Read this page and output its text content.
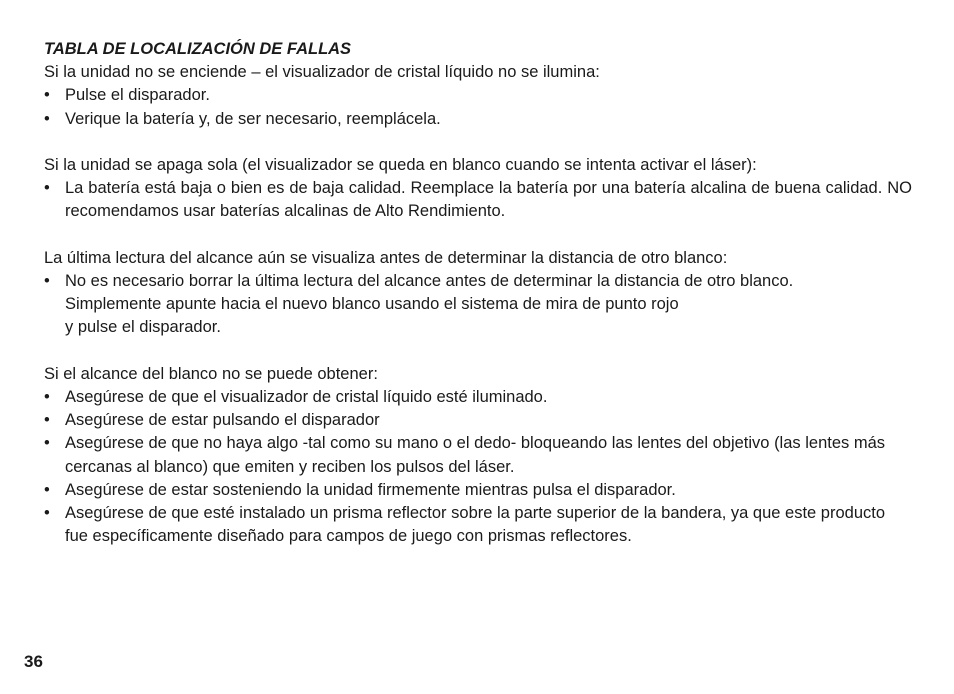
TABLA DE LOCALIZACIÓN DE FALLAS

Si la unidad no se enciende – el visualizador de cristal líquido no se ilumina:

• Pulse el disparador.
• Verique la batería y, de ser necesario, reemplácela.

Si la unidad se apaga sola (el visualizador se queda en blanco cuando se intenta activar el láser):

• La batería está baja o bien es de baja calidad. Reemplace la batería por una batería alcalina de buena calidad. NO recomendamos usar baterías alcalinas de Alto Rendimiento.

La última lectura del alcance aún se visualiza antes de determinar la distancia de otro blanco:

• No es necesario borrar la última lectura del alcance antes de determinar la distancia de otro blanco.
Simplemente apunte hacia el nuevo blanco usando el sistema de mira de punto rojo
y pulse el disparador.

Si el alcance del blanco no se puede obtener:

• Asegúrese de que el visualizador de cristal líquido esté iluminado.
• Asegúrese de estar pulsando el disparador
• Asegúrese de que no haya algo -tal como su mano o el dedo- bloqueando las lentes del objetivo (las lentes más cercanas al blanco) que emiten y reciben los pulsos del láser.
• Asegúrese de estar sosteniendo la unidad firmemente mientras pulsa el disparador.
• Asegúrese de que esté instalado un prisma reflector sobre la parte superior de la bandera, ya que este producto fue específicamente diseñado para campos de juego con prismas reflectores.
36
